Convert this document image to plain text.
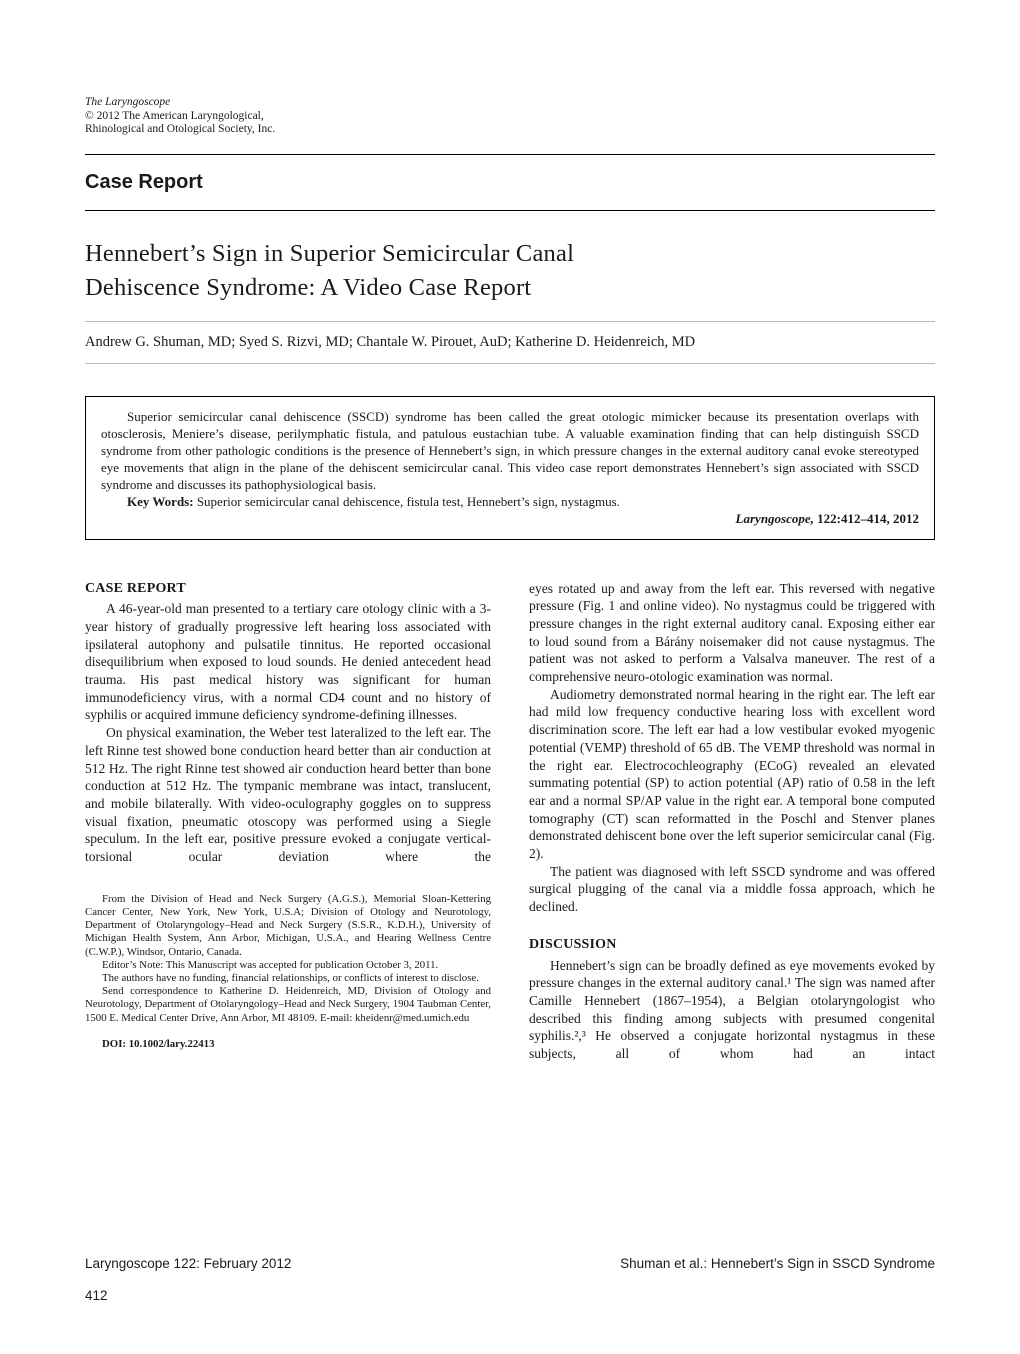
The Laryngoscope
© 2012 The American Laryngological,
Rhinological and Otological Society, Inc.
Case Report
Hennebert’s Sign in Superior Semicircular Canal
Dehiscence Syndrome: A Video Case Report
Andrew G. Shuman, MD; Syed S. Rizvi, MD; Chantale W. Pirouet, AuD; Katherine D. Heidenreich, MD

Superior semicircular canal dehiscence (SSCD) syndrome has been called the great otologic mimicker because its presentation overlaps with otosclerosis, Meniere’s disease, perilymphatic fistula, and patulous eustachian tube. A valuable examination finding that can help distinguish SSCD syndrome from other pathologic conditions is the presence of Hennebert’s sign, in which pressure changes in the external auditory canal evoke stereotyped eye movements that align in the plane of the dehiscent semicircular canal. This video case report demonstrates Hennebert’s sign associated with SSCD syndrome and discusses its pathophysiological basis.

Key Words: Superior semicircular canal dehiscence, fistula test, Hennebert’s sign, nystagmus.

Laryngoscope, 122:412–414, 2012

CASE REPORT

A 46-year-old man presented to a tertiary care otology clinic with a 3-year history of gradually progressive left hearing loss associated with ipsilateral autophony and pulsatile tinnitus. He reported occasional disequilibrium when exposed to loud sounds. He denied antecedent head trauma. His past medical history was significant for human immunodeficiency virus, with a normal CD4 count and no history of syphilis or acquired immune deficiency syndrome-defining illnesses.

On physical examination, the Weber test lateralized to the left ear. The left Rinne test showed bone conduction heard better than air conduction at 512 Hz. The right Rinne test showed air conduction heard better than bone conduction at 512 Hz. The tympanic membrane was intact, translucent, and mobile bilaterally. With video-oculography goggles on to suppress visual fixation, pneumatic otoscopy was performed using a Siegle speculum. In the left ear, positive pressure evoked a conjugate vertical-torsional ocular deviation where the

From the Division of Head and Neck Surgery (A.G.S.), Memorial Sloan-Kettering Cancer Center, New York, New York, U.S.A; Division of Otology and Neurotology, Department of Otolaryngology–Head and Neck Surgery (S.S.R., K.D.H.), University of Michigan Health System, Ann Arbor, Michigan, U.S.A., and Hearing Wellness Centre (C.W.P.), Windsor, Ontario, Canada.

Editor’s Note: This Manuscript was accepted for publication October 3, 2011.

The authors have no funding, financial relationships, or conflicts of interest to disclose.

Send correspondence to Katherine D. Heidenreich, MD, Division of Otology and Neurotology, Department of Otolaryngology–Head and Neck Surgery, 1904 Taubman Center, 1500 E. Medical Center Drive, Ann Arbor, MI 48109. E-mail: kheidenr@med.umich.edu

DOI: 10.1002/lary.22413

eyes rotated up and away from the left ear. This reversed with negative pressure (Fig. 1 and online video). No nystagmus could be triggered with pressure changes in the right external auditory canal. Exposing either ear to loud sound from a Bárány noisemaker did not cause nystagmus. The patient was not asked to perform a Valsalva maneuver. The rest of a comprehensive neuro-otologic examination was normal.

Audiometry demonstrated normal hearing in the right ear. The left ear had mild low frequency conductive hearing loss with excellent word discrimination score. The left ear had a low vestibular evoked myogenic potential (VEMP) threshold of 65 dB. The VEMP threshold was normal in the right ear. Electrocochleography (ECoG) revealed an elevated summating potential (SP) to action potential (AP) ratio of 0.58 in the left ear and a normal SP/AP value in the right ear. A temporal bone computed tomography (CT) scan reformatted in the Poschl and Stenver planes demonstrated dehiscent bone over the left superior semicircular canal (Fig. 2).

The patient was diagnosed with left SSCD syndrome and was offered surgical plugging of the canal via a middle fossa approach, which he declined.

DISCUSSION

Hennebert’s sign can be broadly defined as eye movements evoked by pressure changes in the external auditory canal.¹ The sign was named after Camille Hennebert (1867–1954), a Belgian otolaryngologist who described this finding among subjects with presumed congenital syphilis.²,³ He observed a conjugate horizontal nystagmus in these subjects, all of whom had an intact

Laryngoscope 122: February 2012	Shuman et al.: Hennebert’s Sign in SSCD Syndrome
412
